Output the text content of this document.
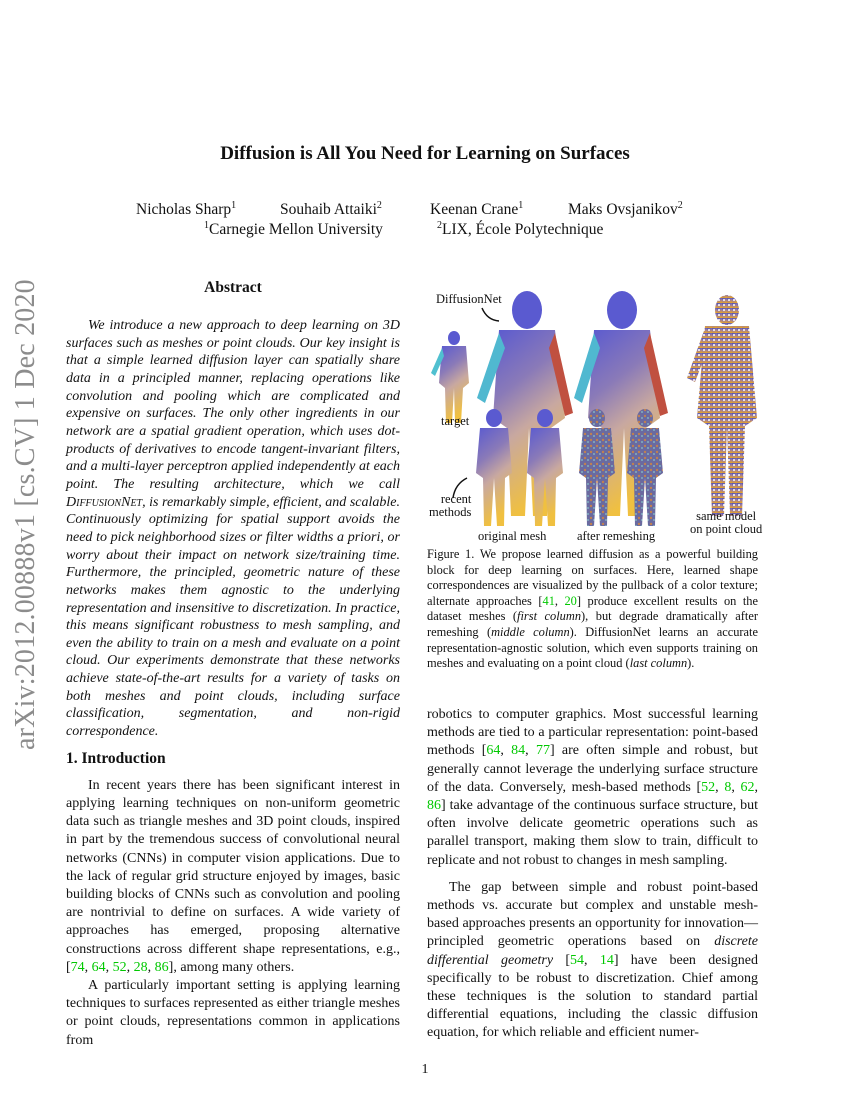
arXiv:2012.00888v1 [cs.CV] 1 Dec 2020
Diffusion is All You Need for Learning on Surfaces
Nicholas Sharp$^1$	Souhaib Attaiki$^2$	Keenan Crane$^1$	Maks Ovsjanikov$^2$
$^1$Carnegie Mellon University	$^2$LIX, École Polytechnique
Abstract
We introduce a new approach to deep learning on 3D surfaces such as meshes or point clouds. Our key insight is that a simple learned diffusion layer can spatially share data in a principled manner, replacing operations like convolution and pooling which are complicated and expensive on surfaces. The only other ingredients in our network are a spatial gradient operation, which uses dot-products of derivatives to encode tangent-invariant filters, and a multi-layer perceptron applied independently at each point. The resulting architecture, which we call DiffusionNet, is remarkably simple, efficient, and scalable. Continuously optimizing for spatial support avoids the need to pick neighborhood sizes or filter widths a priori, or worry about their impact on network size/training time. Furthermore, the principled, geometric nature of these networks makes them agnostic to the underlying representation and insensitive to discretization. In practice, this means significant robustness to mesh sampling, and even the ability to train on a mesh and evaluate on a point cloud. Our experiments demonstrate that these networks achieve state-of-the-art results for a variety of tasks on both meshes and point clouds, including surface classification, segmentation, and non-rigid correspondence.
1. Introduction

In recent years there has been significant interest in applying learning techniques on non-uniform geometric data such as triangle meshes and 3D point clouds, inspired in part by the tremendous success of convolutional neural networks (CNNs) in computer vision applications. Due to the lack of regular grid structure enjoyed by images, basic building blocks of CNNs such as convolution and pooling are nontrivial to define on surfaces. A wide variety of approaches has emerged, proposing alternative constructions across different shape representations, e.g., [74, 64, 52, 28, 86], among many others.

A particularly important setting is applying learning techniques to surfaces represented as either triangle meshes or point clouds, representations common in applications from

DiffusionNet
target
recent
methods
original mesh after remeshing
same model
on point cloud
Figure 1. We propose learned diffusion as a powerful building block for deep learning on surfaces. Here, learned shape correspondences are visualized by the pullback of a color texture; alternate approaches [41, 20] produce excellent results on the dataset meshes (first column), but degrade dramatically after remeshing (middle column). DiffusionNet learns an accurate representation-agnostic solution, which even supports training on meshes and evaluating on a point cloud (last column).

robotics to computer graphics. Most successful learning methods are tied to a particular representation: point-based methods [64, 84, 77] are often simple and robust, but generally cannot leverage the underlying surface structure of the data. Conversely, mesh-based methods [52, 8, 62, 86] take advantage of the continuous surface structure, but often involve delicate geometric operations such as parallel transport, making them slow to train, difficult to replicate and not robust to changes in mesh sampling.

The gap between simple and robust point-based methods vs. accurate but complex and unstable mesh-based approaches presents an opportunity for innovation—principled geometric operations based on discrete differential geometry [54, 14] have been designed specifically to be robust to discretization. Chief among these techniques is the solution to standard partial differential equations, including the classic diffusion equation, for which reliable and efficient numer-

1
